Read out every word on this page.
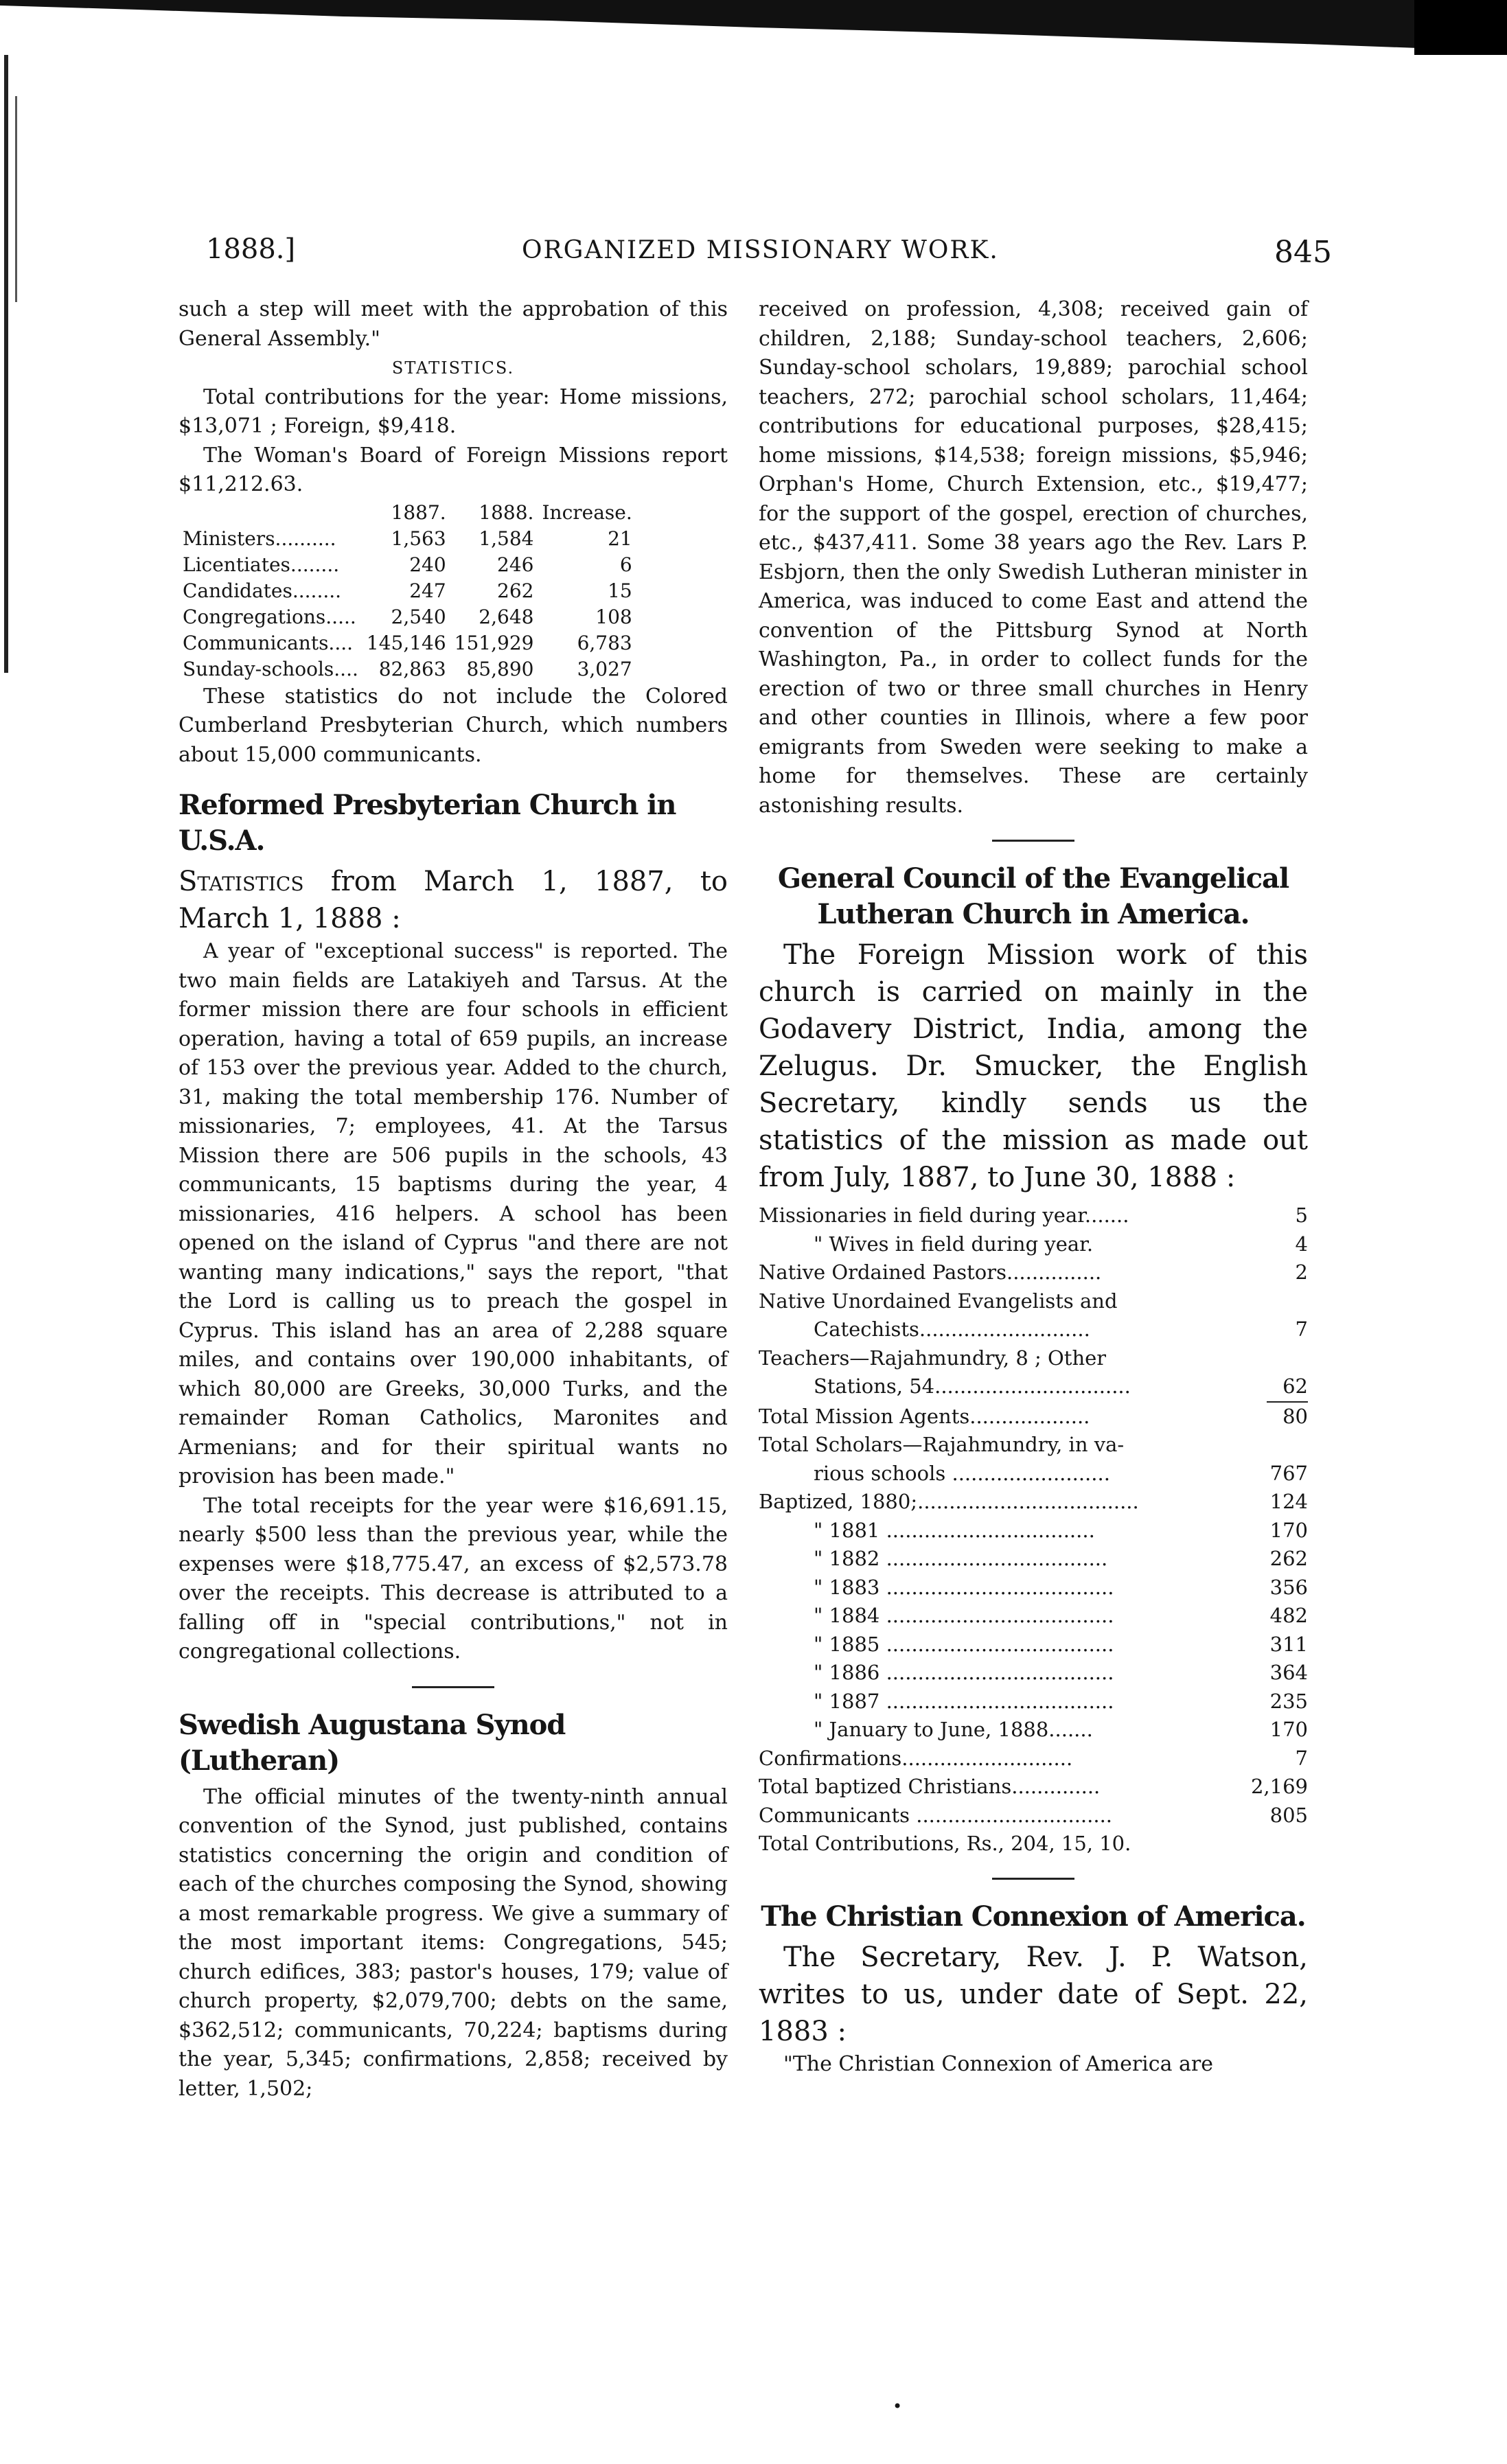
1888.]	ORGANIZED MISSIONARY WORK.	845

such a step will meet with the approbation of this General Assembly."

STATISTICS.

Total contributions for the year: Home missions, $13,071 ; Foreign, $9,418.

The Woman's Board of Foreign Missions report $11,212.63.

	1887.	1888.	Increase.
Ministers..........	1,563	1,584	21
Licentiates........	240	246	6
Candidates........	247	262	15
Congregations.....	2,540	2,648	108
Communicants....	145,146	151,929	6,783
Sunday-schools....	82,863	85,890	3,027

These statistics do not include the Colored Cumberland Presbyterian Church, which numbers about 15,000 communicants.

Reformed Presbyterian Church in U.S.A.

Statistics from March 1, 1887, to March 1, 1888 :

A year of "exceptional success" is reported. The two main fields are Latakiyeh and Tarsus. At the former mission there are four schools in efficient operation, having a total of 659 pupils, an increase of 153 over the previous year. Added to the church, 31, making the total membership 176. Number of missionaries, 7; employees, 41. At the Tarsus Mission there are 506 pupils in the schools, 43 communicants, 15 baptisms during the year, 4 missionaries, 416 helpers. A school has been opened on the island of Cyprus "and there are not wanting many indications," says the report, "that the Lord is calling us to preach the gospel in Cyprus. This island has an area of 2,288 square miles, and contains over 190,000 inhabitants, of which 80,000 are Greeks, 30,000 Turks, and the remainder Roman Catholics, Maronites and Armenians; and for their spiritual wants no provision has been made."

The total receipts for the year were $16,691.15, nearly $500 less than the previous year, while the expenses were $18,775.47, an excess of $2,573.78 over the receipts. This decrease is attributed to a falling off in "special contributions," not in congregational collections.

Swedish Augustana Synod (Lutheran)

The official minutes of the twenty-ninth annual convention of the Synod, just published, contains statistics concerning the origin and condition of each of the churches composing the Synod, showing a most remarkable progress. We give a summary of the most important items: Congregations, 545; church edifices, 383; pastor's houses, 179; value of church property, $2,079,700; debts on the same, $362,512; communicants, 70,224; baptisms during the year, 5,345; confirmations, 2,858; received by letter, 1,502;

received on profession, 4,308; received gain of children, 2,188; Sunday-school teachers, 2,606; Sunday-school scholars, 19,889; parochial school teachers, 272; parochial school scholars, 11,464; contributions for educational purposes, $28,415; home missions, $14,538; foreign missions, $5,946; Orphan's Home, Church Extension, etc., $19,477; for the support of the gospel, erection of churches, etc., $437,411. Some 38 years ago the Rev. Lars P. Esbjorn, then the only Swedish Lutheran minister in America, was induced to come East and attend the convention of the Pittsburg Synod at North Washington, Pa., in order to collect funds for the erection of two or three small churches in Henry and other counties in Illinois, where a few poor emigrants from Sweden were seeking to make a home for themselves. These are certainly astonishing results.

General Council of the Evangelical Lutheran Church in America.

The Foreign Mission work of this church is carried on mainly in the Godavery District, India, among the Zelugus. Dr. Smucker, the English Secretary, kindly sends us the statistics of the mission as made out from July, 1887, to June 30, 1888 :

Missionaries in field during year.......	5
" Wives in field during year.	4
Native Ordained Pastors...............	2
Native Unordained Evangelists and
Catechists...........................	7
Teachers—Rajahmundry, 8 ; Other
Stations, 54...............................	62
Total Mission Agents...................	80
Total Scholars—Rajahmundry, in va-
rious schools .........................	767
Baptized, 1880;...................................	124
" 1881 .................................	170
" 1882 ...................................	262
" 1883 ....................................	356
" 1884 ....................................	482
" 1885 ....................................	311
" 1886 ....................................	364
" 1887 ....................................	235
" January to June, 1888.......	170
Confirmations...........................	7
Total baptized Christians..............	2,169
Communicants ...............................	805
Total Contributions, Rs., 204, 15, 10.
The Christian Connexion of America.

The Secretary, Rev. J. P. Watson, writes to us, under date of Sept. 22, 1883 :

"The Christian Connexion of America are

•
